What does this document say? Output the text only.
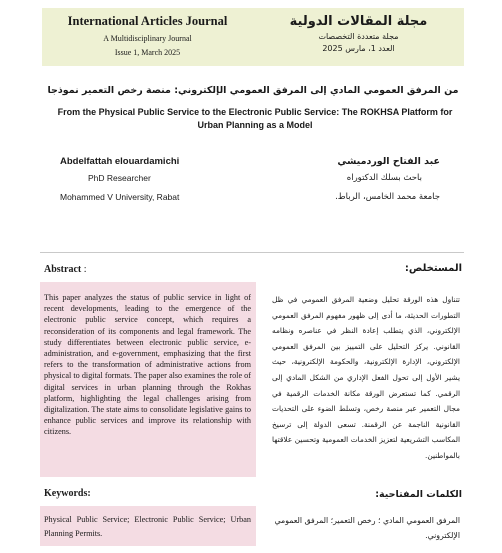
International Articles Journal
A Multidisciplinary Journal
Issue 1, March 2025
مجلة المقالات الدولية
مجلة متعددة التخصصات
العدد 1، مارس 2025
من المرفق العمومي المادي إلى المرفق العمومي الإلكتروني: منصة رخص التعمير نموذجا
From the Physical Public Service to the Electronic Public Service: The ROKHSA Platform for Urban Planning as a Model
Abdelfattah elouardamichi
PhD Researcher
Mohammed V University, Rabat
عبد الفتاح الوردميشي
باحث بسلك الدكتوراه
جامعة محمد الخامس، الرباط.
Abstract :	المستخلص:
This paper analyzes the status of public service in light of recent developments, leading to the emergence of the electronic public service concept, which requires a reconsideration of its components and legal framework. The study differentiates between electronic public service, e-administration, and e-government, emphasizing that the first refers to the transformation of administrative actions from physical to digital formats. The paper also examines the role of digital services in urban planning through the Rokhas platform, highlighting the legal challenges arising from digitalization. The state aims to consolidate legislative gains to enhance public services and improve its relationship with citizens.
تتناول هذه الورقة تحليل وضعية المرفق العمومي في ظل التطورات الحديثة، ما أدى إلى ظهور مفهوم المرفق العمومي الإلكتروني، الذي يتطلب إعادة النظر في عناصره ونظامه القانوني. يركز التحليل على التمييز بين المرفق العمومي الإلكتروني، الإدارة الإلكترونية، والحكومة الإلكترونية، حيث يشير الأول إلى تحول الفعل الإداري من الشكل المادي إلى الرقمي. كما تستعرض الورقة مكانة الخدمات الرقمية في مجال التعمير عبر منصة رخص، وتسلط الضوء على التحديات القانونية الناجمة عن الرقمنة. تسعى الدولة إلى ترسيخ المكاسب التشريعية لتعزيز الخدمات العمومية وتحسين علاقتها بالمواطنين.
Keywords:	الكلمات المفتاحية:
Physical Public Service; Electronic Public Service; Urban Planning Permits.
المرفق العمومي المادي ؛ رخص التعمير؛ المرفق العمومي الإلكتروني.
